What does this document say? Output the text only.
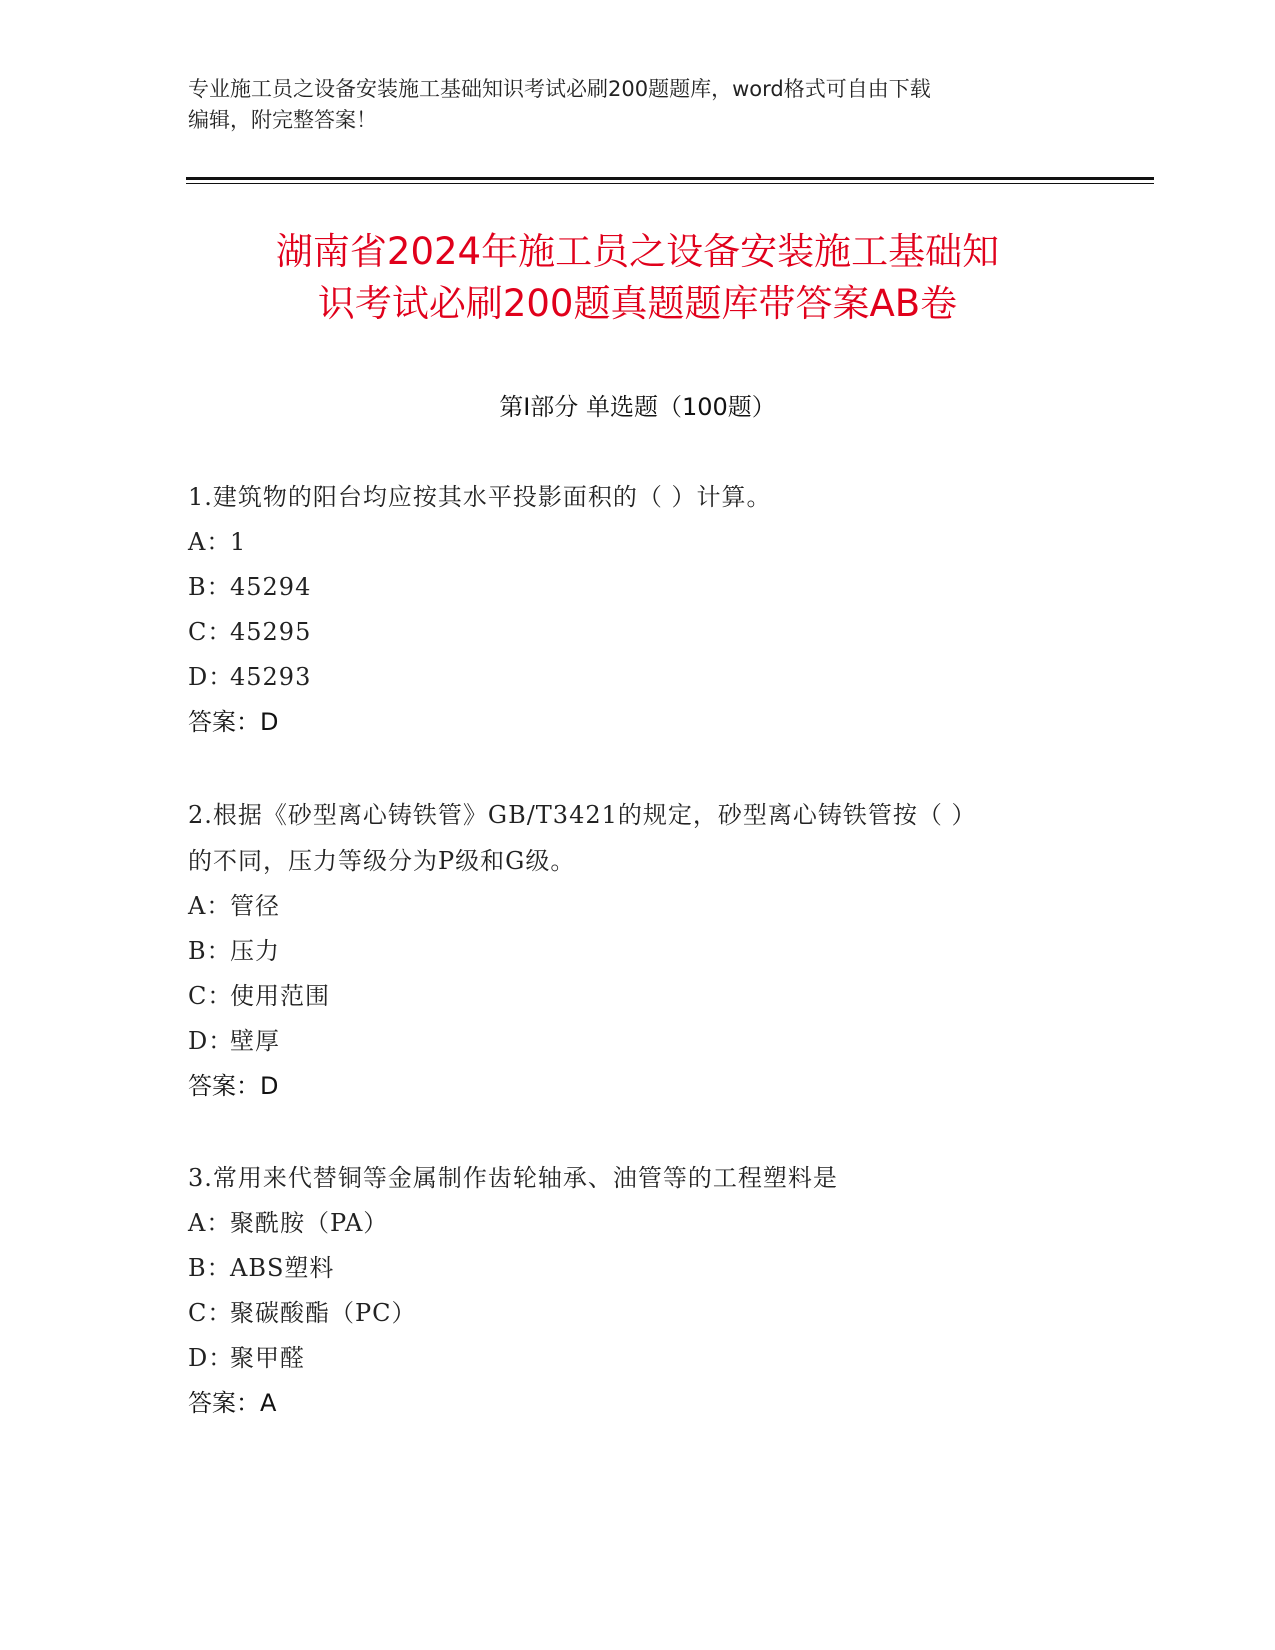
专业施工员之设备安装施工基础知识考试必刷200题题库，word格式可自由下载
编辑，附完整答案！
湖南省2024年施工员之设备安装施工基础知
识考试必刷200题真题题库带答案AB卷
第Ⅰ部分 单选题（100题）
1.建筑物的阳台均应按其水平投影面积的（ ）计算。
A：1
B：45294
C：45295
D：45293
答案：D
2.根据《砂型离心铸铁管》GB/T3421的规定，砂型离心铸铁管按（ ）
的不同，压力等级分为P级和G级。
A：管径
B：压力
C：使用范围
D：壁厚
答案：D
3.常用来代替铜等金属制作齿轮轴承、油管等的工程塑料是
A：聚酰胺（PA）
B：ABS塑料
C：聚碳酸酯（PC）
D：聚甲醛
答案：A
